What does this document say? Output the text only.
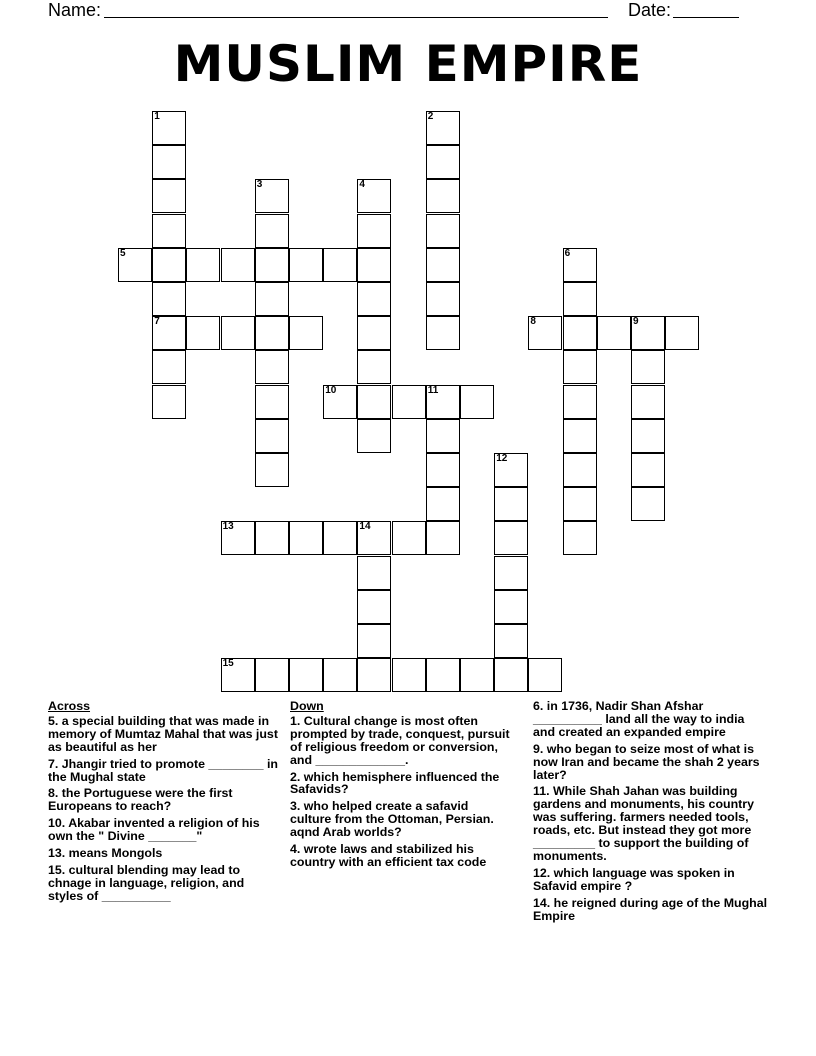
Name:	Date:
MUSLIM EMPIRE
1
7
2
3	4
5	6
8	9
10	11
12
13	14
15
Across
5. a special building that was made in memory of Mumtaz Mahal that was just as beautiful as her
7. Jhangir tried to promote ________ in the Mughal state
8. the Portuguese were the first Europeans to reach?
10. Akabar invented a religion of his own the " Divine _______"
13. means Mongols
15. cultural blending may lead to chnage in language, religion, and styles of __________
Down
1. Cultural change is most often prompted by trade, conquest, pursuit of religious freedom or conversion, and _____________.
2. which hemisphere influenced the Safavids?
3. who helped create a safavid culture from the Ottoman, Persian. aqnd Arab worlds?
4. wrote laws and stabilized his country with an efficient tax code
6. in 1736, Nadir Shan Afshar __________ land all the way to india and created an expanded empire
9. who began to seize most of what is now Iran and became the shah 2 years later?
11. While Shah Jahan was building gardens and monuments, his country was suffering. farmers needed tools, roads, etc. But instead they got more _________ to support the building of monuments.
12. which language was spoken in Safavid empire ?
14. he reigned during age of the Mughal Empire
